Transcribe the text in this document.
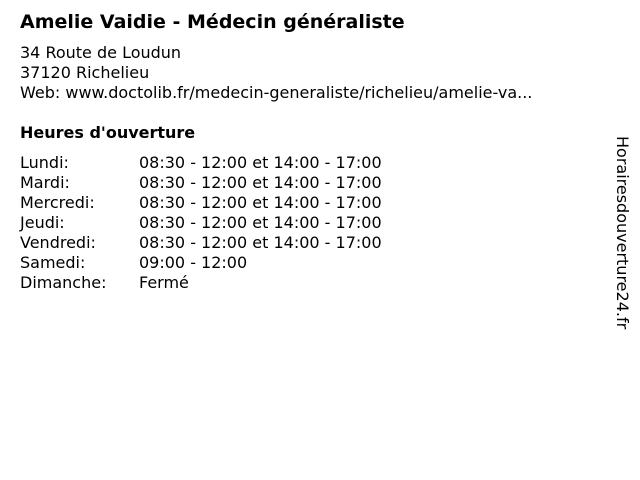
Amelie Vaidie - Médecin généraliste
34 Route de Loudun
37120 Richelieu
Web: www.doctolib.fr/medecin-generaliste/richelieu/amelie-va...
Heures d'ouverture
Lundi:	08:30 - 12:00 et 14:00 - 17:00
Mardi:	08:30 - 12:00 et 14:00 - 17:00
Mercredi:	08:30 - 12:00 et 14:00 - 17:00
Jeudi:	08:30 - 12:00 et 14:00 - 17:00
Vendredi:	08:30 - 12:00 et 14:00 - 17:00
Samedi:	09:00 - 12:00
Dimanche:	Fermé	Horairesdouverture24.fr
